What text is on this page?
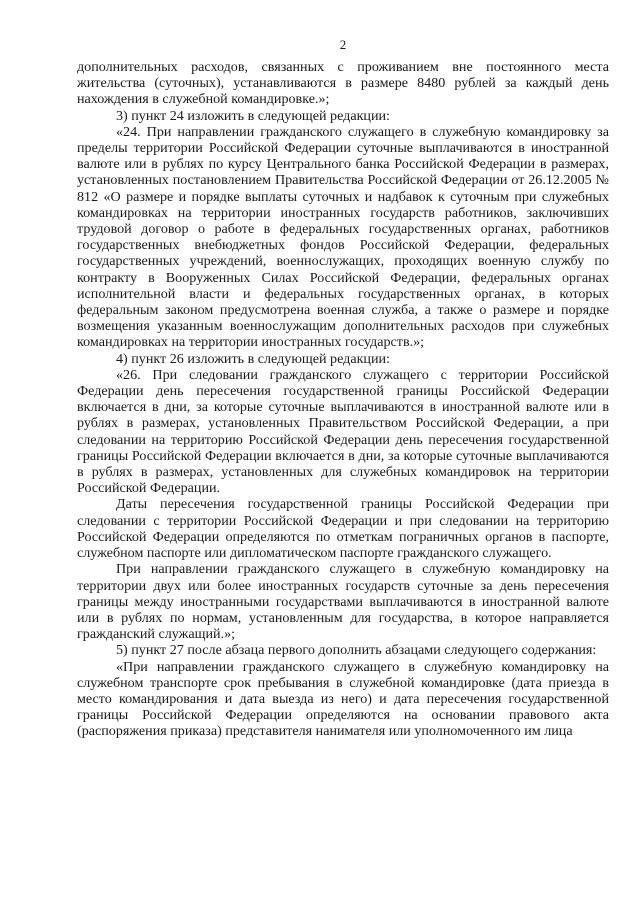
2

дополнительных расходов, связанных с проживанием вне постоянного места жительства (суточных), устанавливаются в размере 8480 рублей за каждый день нахождения в служебной командировке.»;

3) пункт 24 изложить в следующей редакции:

«24. При направлении гражданского служащего в служебную командировку за пределы территории Российской Федерации суточные выплачиваются в иностранной валюте или в рублях по курсу Центрального банка Российской Федерации в размерах, установленных постановлением Правительства Российской Федерации от 26.12.2005 № 812 «О размере и порядке выплаты суточных и надбавок к суточным при служебных командировках на территории иностранных государств работников, заключивших трудовой договор о работе в федеральных государственных органах, работников государственных внебюджетных фондов Российской Федерации, федеральных государственных учреждений, военнослужащих, проходящих военную службу по контракту в Вооруженных Силах Российской Федерации, федеральных органах исполнительной власти и федеральных государственных органах, в которых федеральным законом предусмотрена военная служба, а также о размере и порядке возмещения указанным военнослужащим дополнительных расходов при служебных командировках на территории иностранных государств.»;

4) пункт 26 изложить в следующей редакции:

«26. При следовании гражданского служащего с территории Российской Федерации день пересечения государственной границы Российской Федерации включается в дни, за которые суточные выплачиваются в иностранной валюте или в рублях в размерах, установленных Правительством Российской Федерации, а при следовании на территорию Российской Федерации день пересечения государственной границы Российской Федерации включается в дни, за которые суточные выплачиваются в рублях в размерах, установленных для служебных командировок на территории Российской Федерации.

Даты пересечения государственной границы Российской Федерации при следовании с территории Российской Федерации и при следовании на территорию Российской Федерации определяются по отметкам пограничных органов в паспорте, служебном паспорте или дипломатическом паспорте гражданского служащего.

При направлении гражданского служащего в служебную командировку на территории двух или более иностранных государств суточные за день пересечения границы между иностранными государствами выплачиваются в иностранной валюте или в рублях по нормам, установленным для государства, в которое направляется гражданский служащий.»;

5) пункт 27 после абзаца первого дополнить абзацами следующего содержания:

«При направлении гражданского служащего в служебную командировку на служебном транспорте срок пребывания в служебной командировке (дата приезда в место командирования и дата выезда из него) и дата пересечения государственной границы Российской Федерации определяются на основании правового акта (распоряжения приказа) представителя нанимателя или уполномоченного им лица
